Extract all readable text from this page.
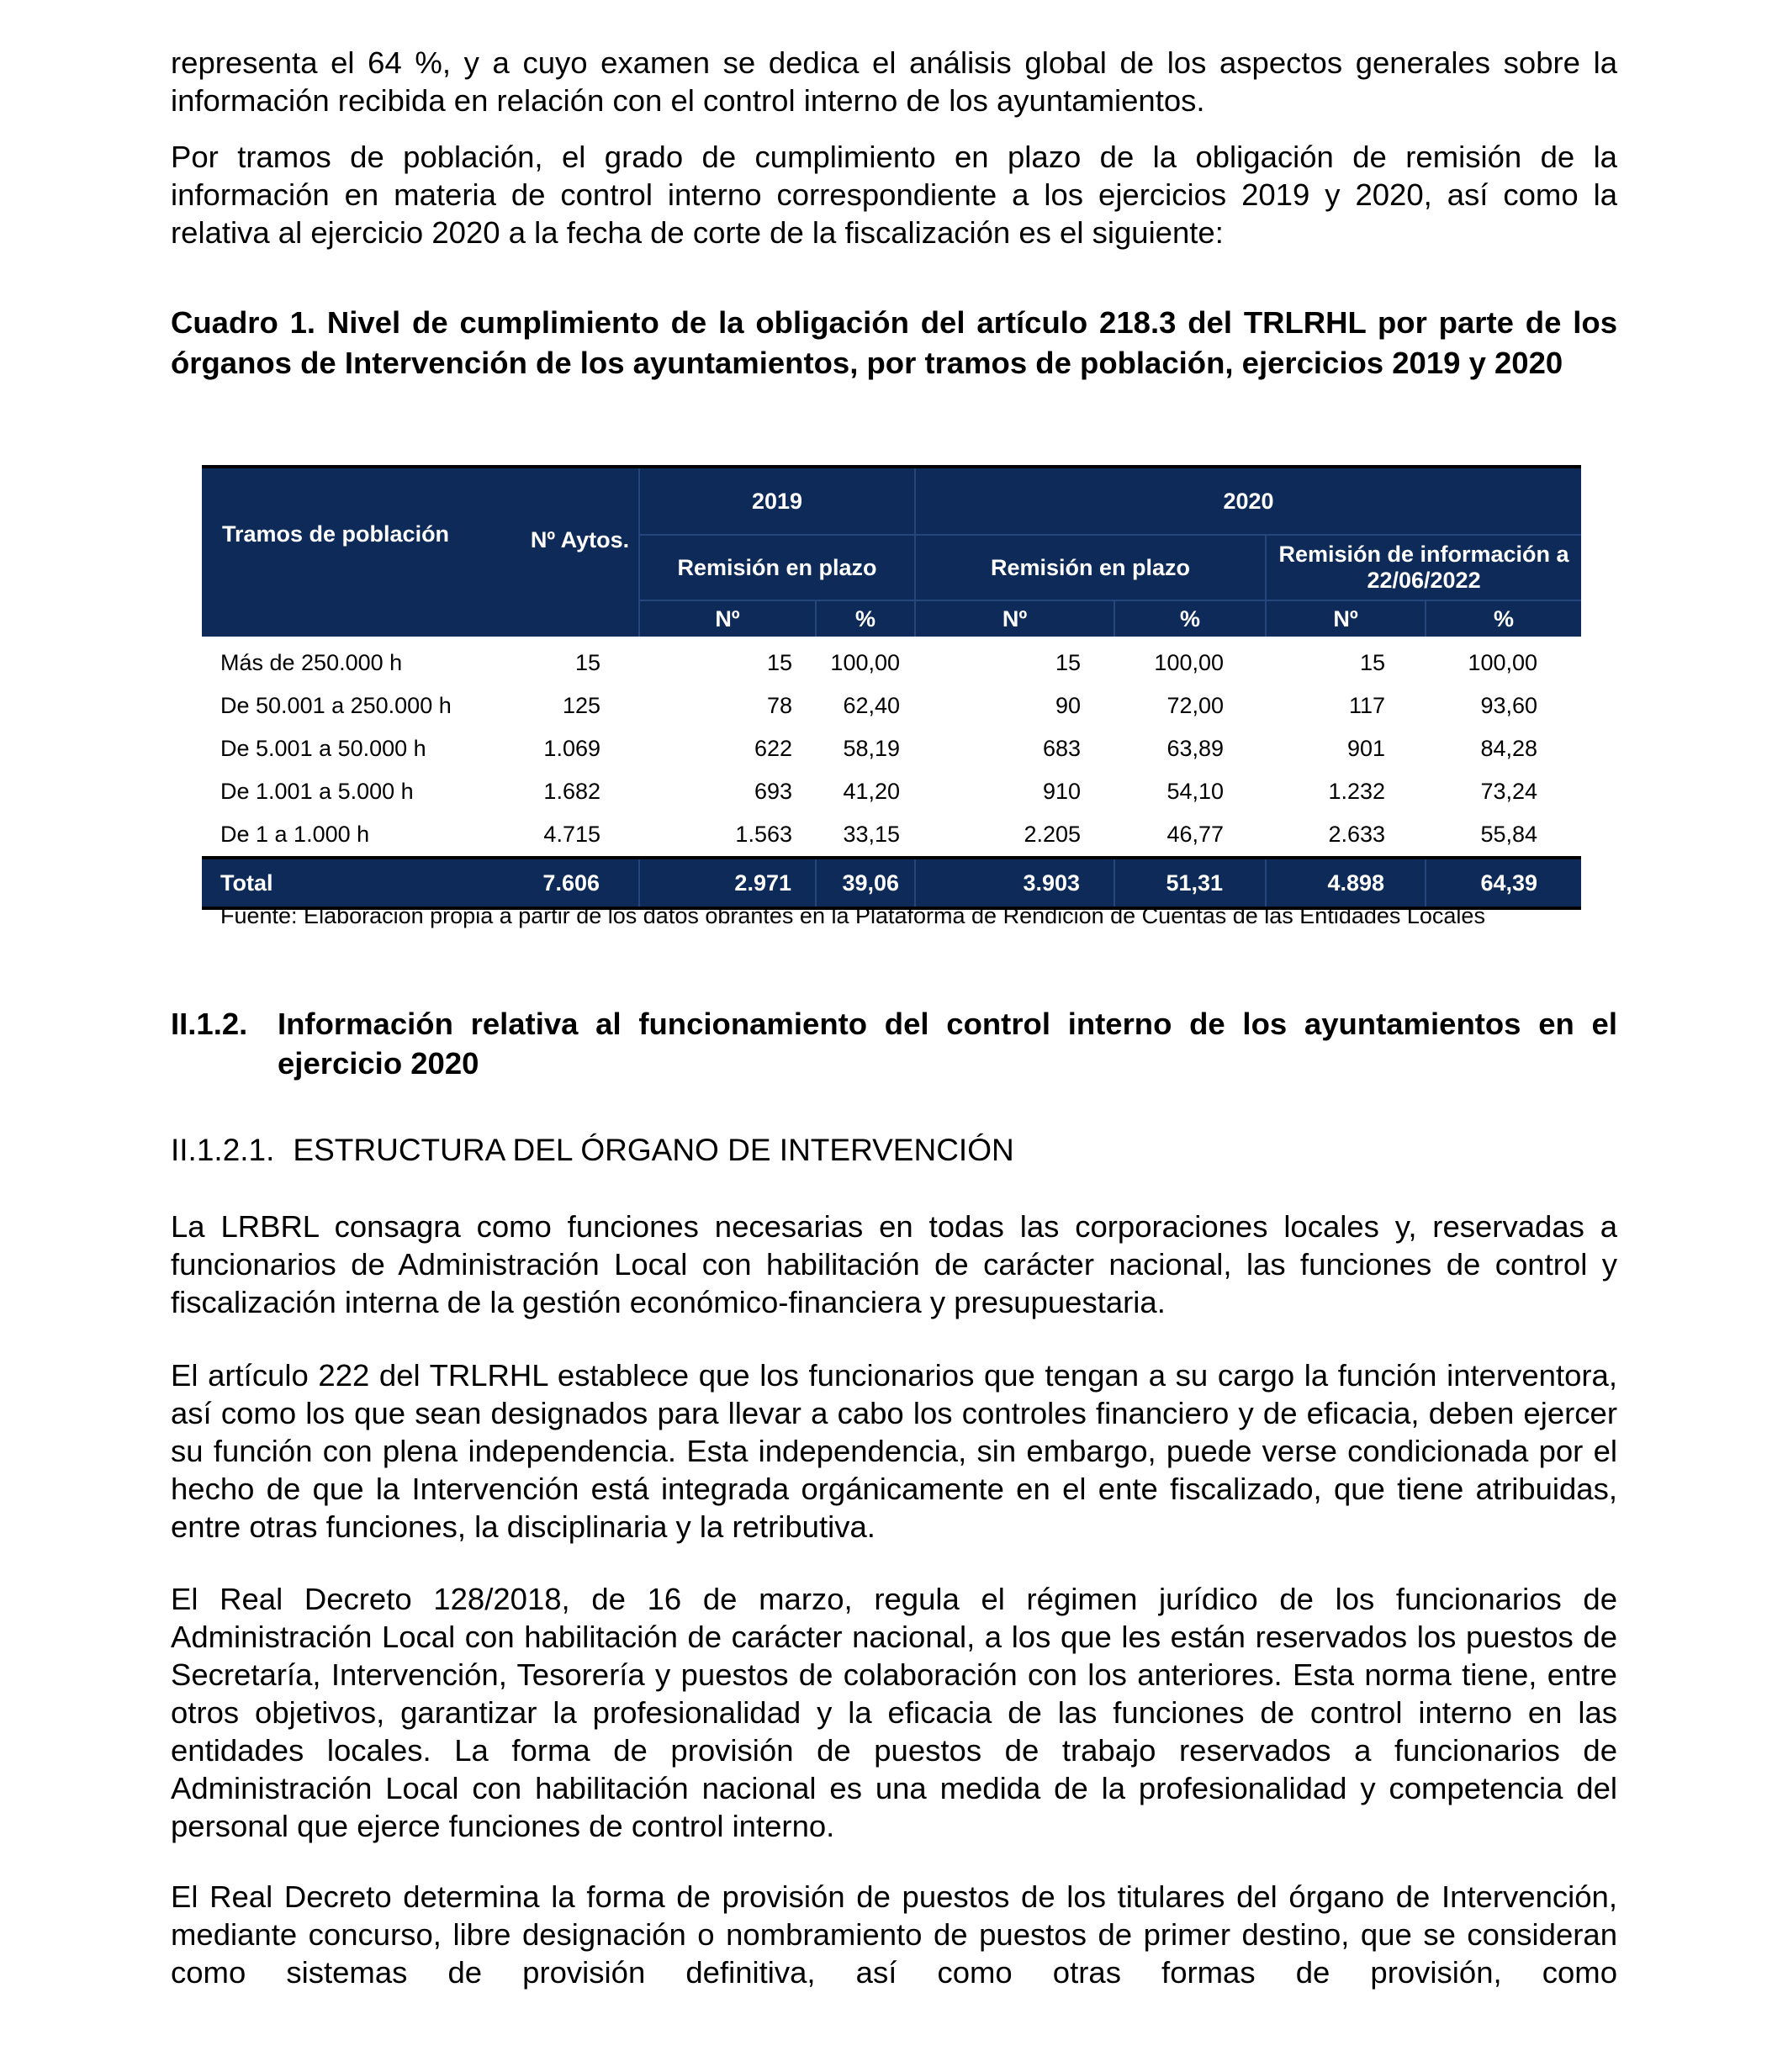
representa el 64 %, y a cuyo examen se dedica el análisis global de los aspectos generales sobre la información recibida en relación con el control interno de los ayuntamientos.

Por tramos de población, el grado de cumplimiento en plazo de la obligación de remisión de la información en materia de control interno correspondiente a los ejercicios 2019 y 2020, así como la relativa al ejercicio 2020 a la fecha de corte de la fiscalización es el siguiente:

Cuadro 1. Nivel de cumplimiento de la obligación del artículo 218.3 del TRLRHL por parte de los órganos de Intervención de los ayuntamientos, por tramos de población, ejercicios 2019 y 2020

Tramos de población	Nº Aytos.	2019		2020			
		Remisión en plazo		Remisión en plazo		Remisión de información a 22/06/2022	
		Nº	%	Nº	%	Nº	%
Más de 250.000 h	15	15	100,00	15	100,00	15	100,00
De 50.001 a 250.000 h	125	78	62,40	90	72,00	117	93,60
De 5.001 a 50.000 h	1.069	622	58,19	683	63,89	901	84,28
De 1.001 a 5.000 h	1.682	693	41,20	910	54,10	1.232	73,24
De 1 a 1.000 h	4.715	1.563	33,15	2.205	46,77	2.633	55,84
Total	7.606	2.971	39,06	3.903	51,31	4.898	64,39
Fuente: Elaboración propia a partir de los datos obrantes en la Plataforma de Rendición de Cuentas de las Entidades Locales
II.1.2. Información relativa al funcionamiento del control interno de los ayuntamientos en el ejercicio 2020
II.1.2.1. ESTRUCTURA DEL ÓRGANO DE INTERVENCIÓN

La LRBRL consagra como funciones necesarias en todas las corporaciones locales y, reservadas a funcionarios de Administración Local con habilitación de carácter nacional, las funciones de control y fiscalización interna de la gestión económico-financiera y presupuestaria.

El artículo 222 del TRLRHL establece que los funcionarios que tengan a su cargo la función interventora, así como los que sean designados para llevar a cabo los controles financiero y de eficacia, deben ejercer su función con plena independencia. Esta independencia, sin embargo, puede verse condicionada por el hecho de que la Intervención está integrada orgánicamente en el ente fiscalizado, que tiene atribuidas, entre otras funciones, la disciplinaria y la retributiva.

El Real Decreto 128/2018, de 16 de marzo, regula el régimen jurídico de los funcionarios de Administración Local con habilitación de carácter nacional, a los que les están reservados los puestos de Secretaría, Intervención, Tesorería y puestos de colaboración con los anteriores. Esta norma tiene, entre otros objetivos, garantizar la profesionalidad y la eficacia de las funciones de control interno en las entidades locales. La forma de provisión de puestos de trabajo reservados a funcionarios de Administración Local con habilitación nacional es una medida de la profesionalidad y competencia del personal que ejerce funciones de control interno.

El Real Decreto determina la forma de provisión de puestos de los titulares del órgano de Intervención, mediante concurso, libre designación o nombramiento de puestos de primer destino, que se consideran como sistemas de provisión definitiva, así como otras formas de provisión, como
